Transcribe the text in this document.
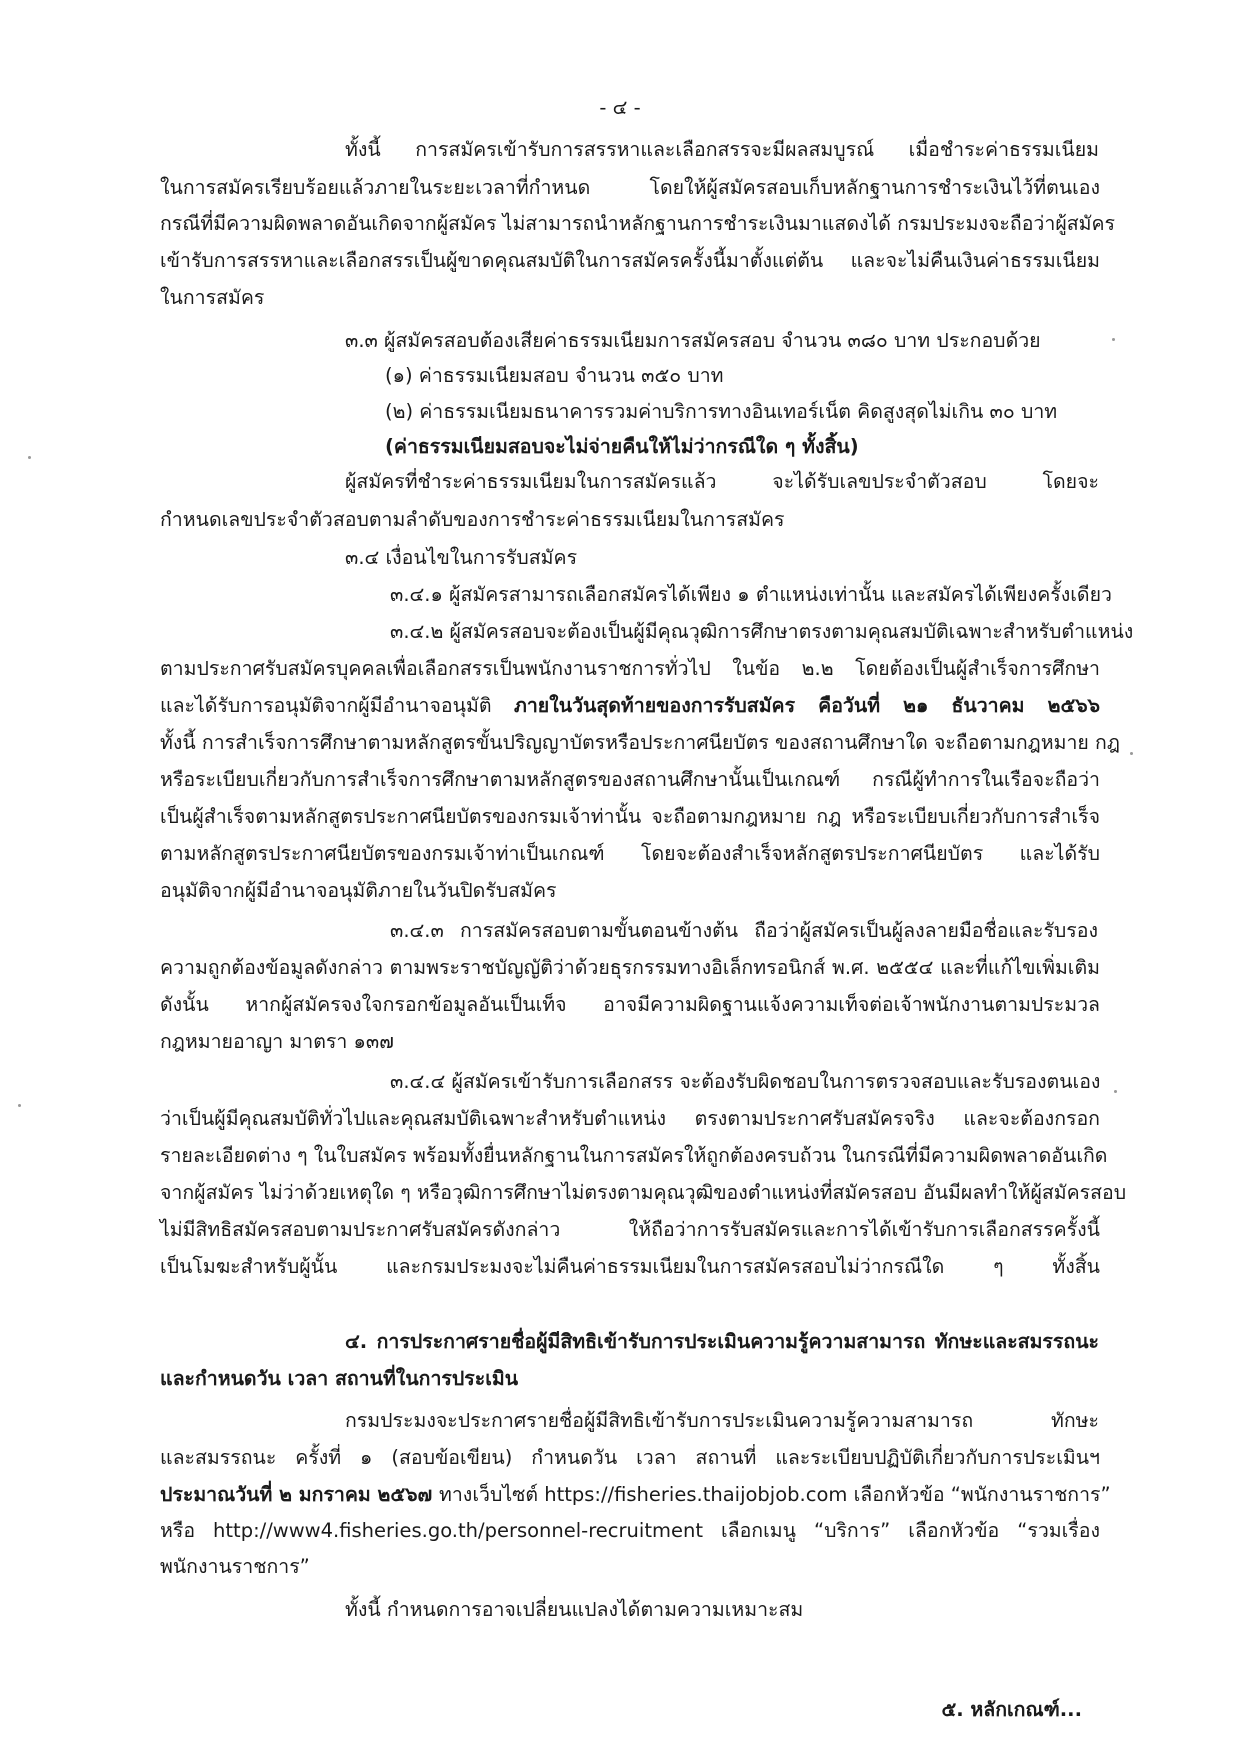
- ๔ -
ทั้งนี้ การสมัครเข้ารับการสรรหาและเลือกสรรจะมีผลสมบูรณ์ เมื่อชำระค่าธรรมเนียม
ในการสมัครเรียบร้อยแล้วภายในระยะเวลาที่กำหนด โดยให้ผู้สมัครสอบเก็บหลักฐานการชำระเงินไว้ที่ตนเอง
กรณีที่มีความผิดพลาดอันเกิดจากผู้สมัคร ไม่สามารถนำหลักฐานการชำระเงินมาแสดงได้ กรมประมงจะถือว่าผู้สมัคร
เข้ารับการสรรหาและเลือกสรรเป็นผู้ขาดคุณสมบัติในการสมัครครั้งนี้มาตั้งแต่ต้น และจะไม่คืนเงินค่าธรรมเนียม
ในการสมัคร
๓.๓ ผู้สมัครสอบต้องเสียค่าธรรมเนียมการสมัครสอบ จำนวน ๓๘๐ บาท ประกอบด้วย
(๑) ค่าธรรมเนียมสอบ จำนวน ๓๕๐ บาท
(๒) ค่าธรรมเนียมธนาคารรวมค่าบริการทางอินเทอร์เน็ต คิดสูงสุดไม่เกิน ๓๐ บาท
(ค่าธรรมเนียมสอบจะไม่จ่ายคืนให้ไม่ว่ากรณีใด ๆ ทั้งสิ้น)
ผู้สมัครที่ชำระค่าธรรมเนียมในการสมัครแล้ว จะได้รับเลขประจำตัวสอบ โดยจะ
กำหนดเลขประจำตัวสอบตามลำดับของการชำระค่าธรรมเนียมในการสมัคร
๓.๔ เงื่อนไขในการรับสมัคร
๓.๔.๑ ผู้สมัครสามารถเลือกสมัครได้เพียง ๑ ตำแหน่งเท่านั้น และสมัครได้เพียงครั้งเดียว
๓.๔.๒ ผู้สมัครสอบจะต้องเป็นผู้มีคุณวุฒิการศึกษาตรงตามคุณสมบัติเฉพาะสำหรับตำแหน่ง
ตามประกาศรับสมัครบุคคลเพื่อเลือกสรรเป็นพนักงานราชการทั่วไป ในข้อ ๒.๒ โดยต้องเป็นผู้สำเร็จการศึกษา
และได้รับการอนุมัติจากผู้มีอำนาจอนุมัติ ภายในวันสุดท้ายของการรับสมัคร คือวันที่ ๒๑ ธันวาคม ๒๕๖๖
ทั้งนี้ การสำเร็จการศึกษาตามหลักสูตรขั้นปริญญาบัตรหรือประกาศนียบัตร ของสถานศึกษาใด จะถือตามกฎหมาย กฎ
หรือระเบียบเกี่ยวกับการสำเร็จการศึกษาตามหลักสูตรของสถานศึกษานั้นเป็นเกณฑ์ กรณีผู้ทำการในเรือจะถือว่า
เป็นผู้สำเร็จตามหลักสูตรประกาศนียบัตรของกรมเจ้าท่านั้น จะถือตามกฎหมาย กฎ หรือระเบียบเกี่ยวกับการสำเร็จ
ตามหลักสูตรประกาศนียบัตรของกรมเจ้าท่าเป็นเกณฑ์ โดยจะต้องสำเร็จหลักสูตรประกาศนียบัตร และได้รับ
อนุมัติจากผู้มีอำนาจอนุมัติภายในวันปิดรับสมัคร
๓.๔.๓ การสมัครสอบตามขั้นตอนข้างต้น ถือว่าผู้สมัครเป็นผู้ลงลายมือชื่อและรับรอง
ความถูกต้องข้อมูลดังกล่าว ตามพระราชบัญญัติว่าด้วยธุรกรรมทางอิเล็กทรอนิกส์ พ.ศ. ๒๕๕๔ และที่แก้ไขเพิ่มเติม
ดังนั้น หากผู้สมัครจงใจกรอกข้อมูลอันเป็นเท็จ อาจมีความผิดฐานแจ้งความเท็จต่อเจ้าพนักงานตามประมวล
กฎหมายอาญา มาตรา ๑๓๗
๓.๔.๔ ผู้สมัครเข้ารับการเลือกสรร จะต้องรับผิดชอบในการตรวจสอบและรับรองตนเอง
ว่าเป็นผู้มีคุณสมบัติทั่วไปและคุณสมบัติเฉพาะสำหรับตำแหน่ง ตรงตามประกาศรับสมัครจริง และจะต้องกรอก
รายละเอียดต่าง ๆ ในใบสมัคร พร้อมทั้งยื่นหลักฐานในการสมัครให้ถูกต้องครบถ้วน ในกรณีที่มีความผิดพลาดอันเกิด
จากผู้สมัคร ไม่ว่าด้วยเหตุใด ๆ หรือวุฒิการศึกษาไม่ตรงตามคุณวุฒิของตำแหน่งที่สมัครสอบ อันมีผลทำให้ผู้สมัครสอบ
ไม่มีสิทธิสมัครสอบตามประกาศรับสมัครดังกล่าว ให้ถือว่าการรับสมัครและการได้เข้ารับการเลือกสรรครั้งนี้
เป็นโมฆะสำหรับผู้นั้น และกรมประมงจะไม่คืนค่าธรรมเนียมในการสมัครสอบไม่ว่ากรณีใด ๆ ทั้งสิ้น
๔. การประกาศรายชื่อผู้มีสิทธิเข้ารับการประเมินความรู้ความสามารถ ทักษะและสมรรถนะ
และกำหนดวัน เวลา สถานที่ในการประเมิน
กรมประมงจะประกาศรายชื่อผู้มีสิทธิเข้ารับการประเมินความรู้ความสามารถ ทักษะ
และสมรรถนะ ครั้งที่ ๑ (สอบข้อเขียน) กำหนดวัน เวลา สถานที่ และระเบียบปฏิบัติเกี่ยวกับการประเมินฯ
ประมาณวันที่ ๒ มกราคม ๒๕๖๗ ทางเว็บไซต์ https://fisheries.thaijobjob.com เลือกหัวข้อ “พนักงานราชการ”
หรือ http://www4.fisheries.go.th/personnel-recruitment เลือกเมนู “บริการ” เลือกหัวข้อ “รวมเรื่อง
พนักงานราชการ”
ทั้งนี้ กำหนดการอาจเปลี่ยนแปลงได้ตามความเหมาะสม
๕. หลักเกณฑ์...
